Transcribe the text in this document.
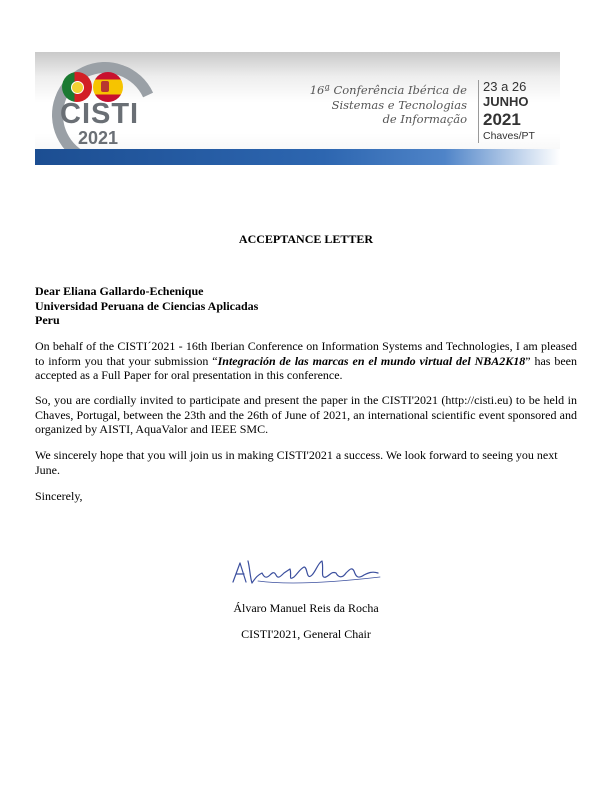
CISTI
2021
16ª Conferência Ibérica de
Sistemas e Tecnologias
de Informação
23 a 26
JUNHO
2021
Chaves/PT
ACCEPTANCE LETTER
Dear Eliana Gallardo-Echenique
Universidad Peruana de Ciencias Aplicadas
Peru
On behalf of the CISTI´2021 - 16th Iberian Conference on Information Systems and Technologies, I am pleased to inform you that your submission “Integración de las marcas en el mundo virtual del NBA2K18” has been accepted as a Full Paper for oral presentation in this conference.
So, you are cordially invited to participate and present the paper in the CISTI'2021 (http://cisti.eu) to be held in Chaves, Portugal, between the 23th and the 26th of June of 2021, an international scientific event sponsored and organized by AISTI, AquaValor and IEEE SMC.
We sincerely hope that you will join us in making CISTI'2021 a success. We look forward to seeing you next June.
Sincerely,
Álvaro Manuel Reis da Rocha
CISTI'2021, General Chair
